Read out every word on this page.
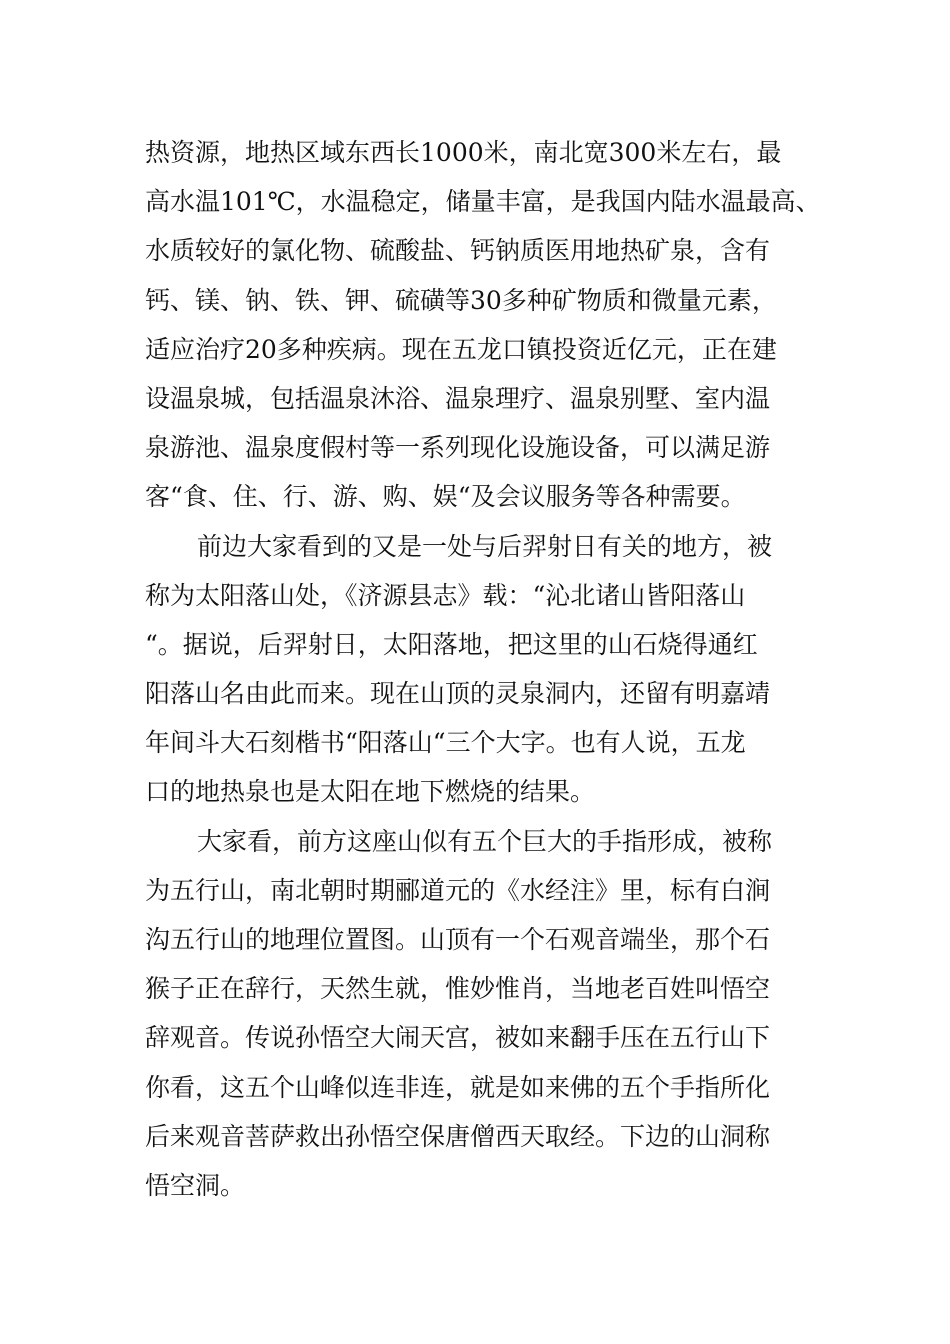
热资源，地热区域东西长1000米，南北宽300米左右，最
高水温101℃，水温稳定，储量丰富，是我国内陆水温最高、
水质较好的氯化物、硫酸盐、钙钠质医用地热矿泉，含有
钙、镁、钠、铁、钾、硫磺等30多种矿物质和微量元素，
适应治疗20多种疾病。现在五龙口镇投资近亿元，正在建
设温泉城，包括温泉沐浴、温泉理疗、温泉别墅、室内温
泉游池、温泉度假村等一系列现化设施设备，可以满足游
客“食、住、行、游、购、娱“及会议服务等各种需要。
前边大家看到的又是一处与后羿射日有关的地方，被
称为太阳落山处，《济源县志》载：“沁北诸山皆阳落山
“。据说，后羿射日，太阳落地，把这里的山石烧得通红
阳落山名由此而来。现在山顶的灵泉洞内，还留有明嘉靖
年间斗大石刻楷书“阳落山“三个大字。也有人说，五龙
口的地热泉也是太阳在地下燃烧的结果。
大家看，前方这座山似有五个巨大的手指形成，被称
为五行山，南北朝时期郦道元的《水经注》里，标有白涧
沟五行山的地理位置图。山顶有一个石观音端坐，那个石
猴子正在辞行，天然生就，惟妙惟肖，当地老百姓叫悟空
辞观音。传说孙悟空大闹天宫，被如来翻手压在五行山下
你看，这五个山峰似连非连，就是如来佛的五个手指所化
后来观音菩萨救出孙悟空保唐僧西天取经。下边的山洞称
悟空洞。
